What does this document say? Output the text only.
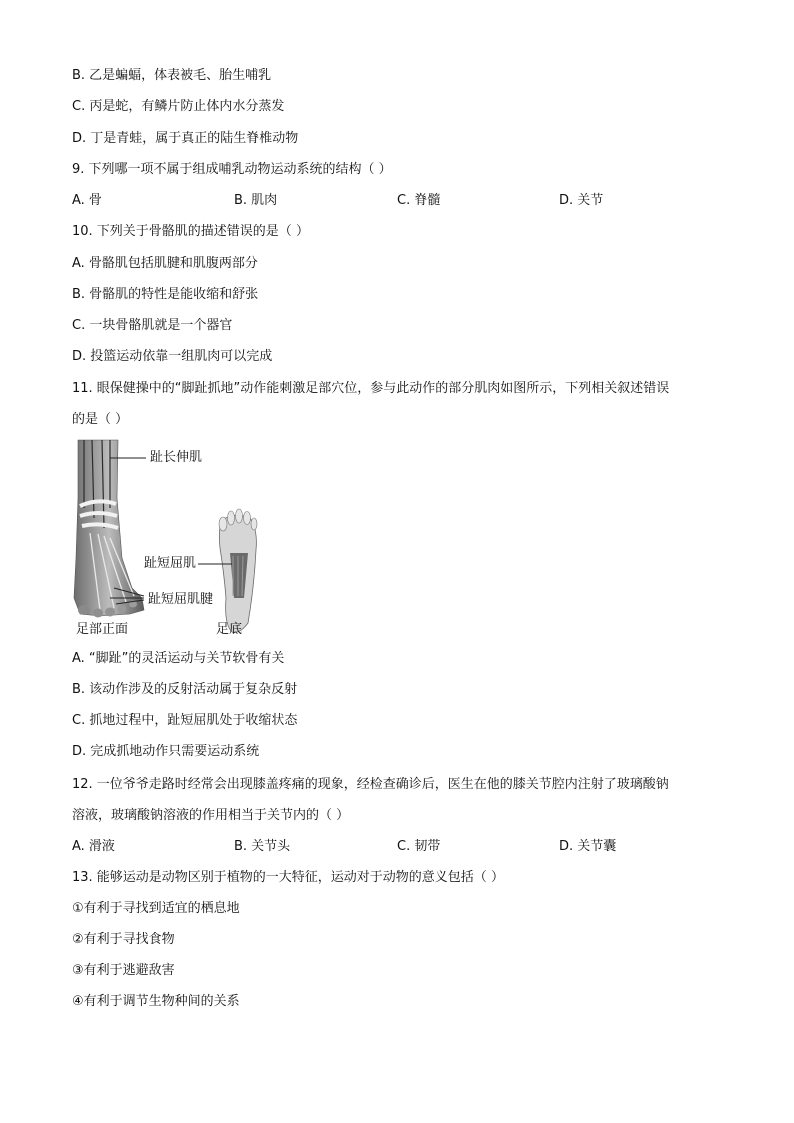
B. 乙是蝙蝠，体表被毛、胎生哺乳
C. 丙是蛇，有鳞片防止体内水分蒸发
D. 丁是青蛙，属于真正的陆生脊椎动物
9. 下列哪一项不属于组成哺乳动物运动系统的结构（ ）
A. 骨	B. 肌肉	C. 脊髓	D. 关节
10. 下列关于骨骼肌的描述错误的是（ ）
A. 骨骼肌包括肌腱和肌腹两部分
B. 骨骼肌的特性是能收缩和舒张
C. 一块骨骼肌就是一个器官
D. 投篮运动依靠一组肌肉可以完成
11. 眼保健操中的“脚趾抓地”动作能刺激足部穴位，参与此动作的部分肌肉如图所示，下列相关叙述错误
的是（ ）
趾长伸肌
趾短屈肌
趾短屈肌腱
足部正面	足底
A. “脚趾”的灵活运动与关节软骨有关
B. 该动作涉及的反射活动属于复杂反射
C. 抓地过程中，趾短屈肌处于收缩状态
D. 完成抓地动作只需要运动系统
12. 一位爷爷走路时经常会出现膝盖疼痛的现象，经检查确诊后，医生在他的膝关节腔内注射了玻璃酸钠
溶液，玻璃酸钠溶液的作用相当于关节内的（ ）
A. 滑液	B. 关节头	C. 韧带	D. 关节囊
13. 能够运动是动物区别于植物的一大特征，运动对于动物的意义包括（ ）
①有利于寻找到适宜的栖息地
②有利于寻找食物
③有利于逃避敌害
④有利于调节生物种间的关系
